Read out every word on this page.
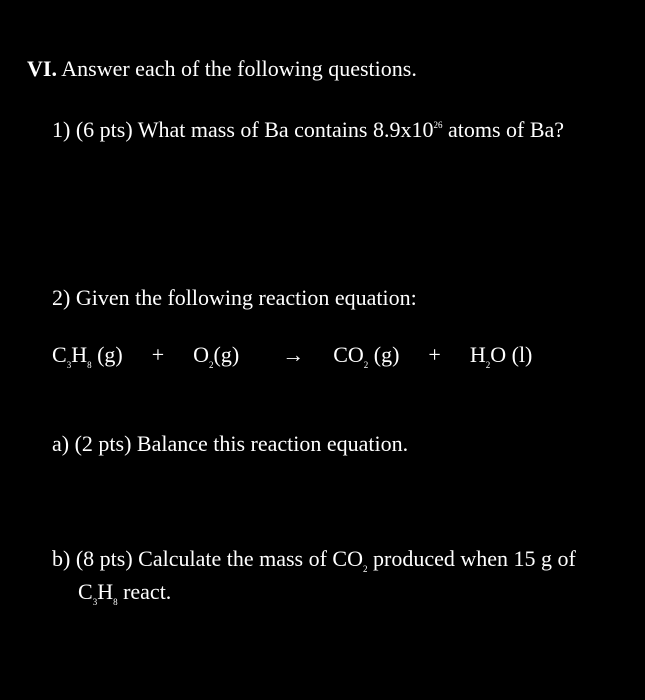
VI. Answer each of the following questions.
1) (6 pts) What mass of Ba contains $8.9x10^{26}$ atoms of Ba?
2) Given the following reaction equation:
$C_3H_8$ $(g) + O_2(g) \to CO_2$ $(g) + H_2O$ (l)
a) (2 pts) Balance this reaction equation.
b) (8 pts) Calculate the mass of $CO_2$ produced when 15 g of
$C_3H_8$ react.
